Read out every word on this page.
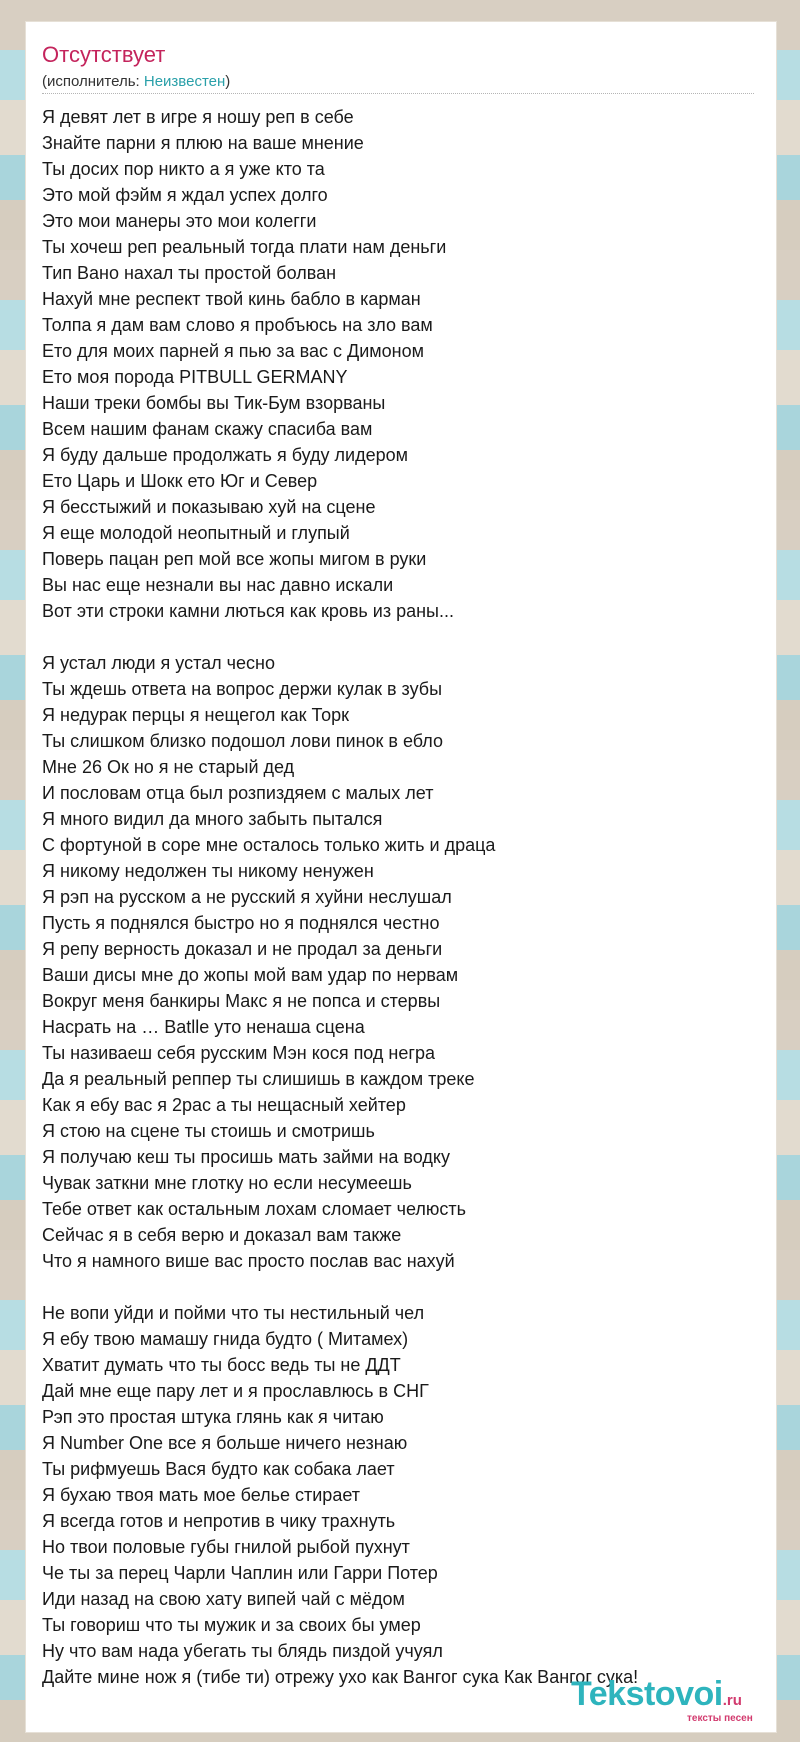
Отсутствует
(исполнитель: Неизвестен)
Я девят лет в игре я ношу реп в себе
Знайте парни я плюю на ваше мнение
Ты досих пор никто а я уже кто та
Это мой фэйм я ждал успех долго
Это мои манеры это мои колегги
Ты хочеш реп реальный тогда плати нам деньги
Тип Вано нахал ты простой болван
Нахуй мне респект твой кинь бабло в карман
Толпа я дам вам слово я пробъюсь на зло вам
Ето для моих парней я пью за вас с Димоном
Ето моя порода PITBULL GERMANY
Наши треки бомбы вы Тик-Бум взорваны
Всем нашим фанам скажу спасиба вам
Я буду дальше продолжать я буду лидером
Ето Царь и Шокк ето Юг и Север
Я бесстыжий и показываю хуй на сцене
Я еще молодой неопытный и глупый
Поверь пацан реп мой все жопы мигом в руки
Вы нас еще незнали вы нас давно искали
Вот эти строки камни лються как кровь из раны...
Я устал люди я устал чесно
Ты ждешь ответа на вопрос держи кулак в зубы
Я недурак перцы я нещегол как Торк
Ты слишком близко подошол лови пинок в ебло
Мне 26 Ок но я не старый дед
И пословам отца был розпиздяем с малых лет
Я много видил да много забыть пытался
С фортуной в соре мне осталось только жить и драца
Я никому недолжен ты никому ненужен
Я рэп на русском а не русский я хуйни неслушал
Пусть я поднялся быстро но я поднялся честно
Я репу верность доказал и не продал за деньги
Ваши дисы мне до жопы мой вам удар по нервам
Вокруг меня банкиры Макс я не попса и стервы
Насрать на … Batlle уто ненаша сцена
Ты називаеш себя русским Мэн кося под негра
Да я реальный реппер ты слишишь в каждом треке
Как я ебу вас я 2рас а ты нещасный хейтер
Я стою на сцене ты стоишь и смотришь
Я получаю кеш ты просишь мать займи на водку
Чувак заткни мне глотку но если несумеешь
Тебе ответ как остальным лохам сломает челюсть
Сейчас я в себя верю и доказал вам также
Что я намного више вас просто послав вас нахуй
Не вопи уйди и пойми что ты нестильный чел
Я ебу твою мамашу гнида будто ( Митамех)
Хватит думать что ты босс ведь ты не ДДТ
Дай мне еще пару лет и я прославлюсь в СНГ
Рэп это простая штука глянь как я читаю
Я Number One все я больше ничего незнаю
Ты рифмуешь Вася будто как собака лает
Я бухаю твоя мать мое белье стирает
Я всегда готов и непротив в чику трахнуть
Но твои половые губы гнилой рыбой пухнут
Че ты за перец Чарли Чаплин или Гарри Потер
Иди назад на свою хату випей чай с мёдом
Ты говориш что ты мужик и за своих бы умер
Ну что вам нада убегать ты блядь пиздой учуял
Дайте мине нож я (тибе ти) отрежу ухо как Вангог сука Как Вангог сука!
Tekstovoi.ru
тексты песен
